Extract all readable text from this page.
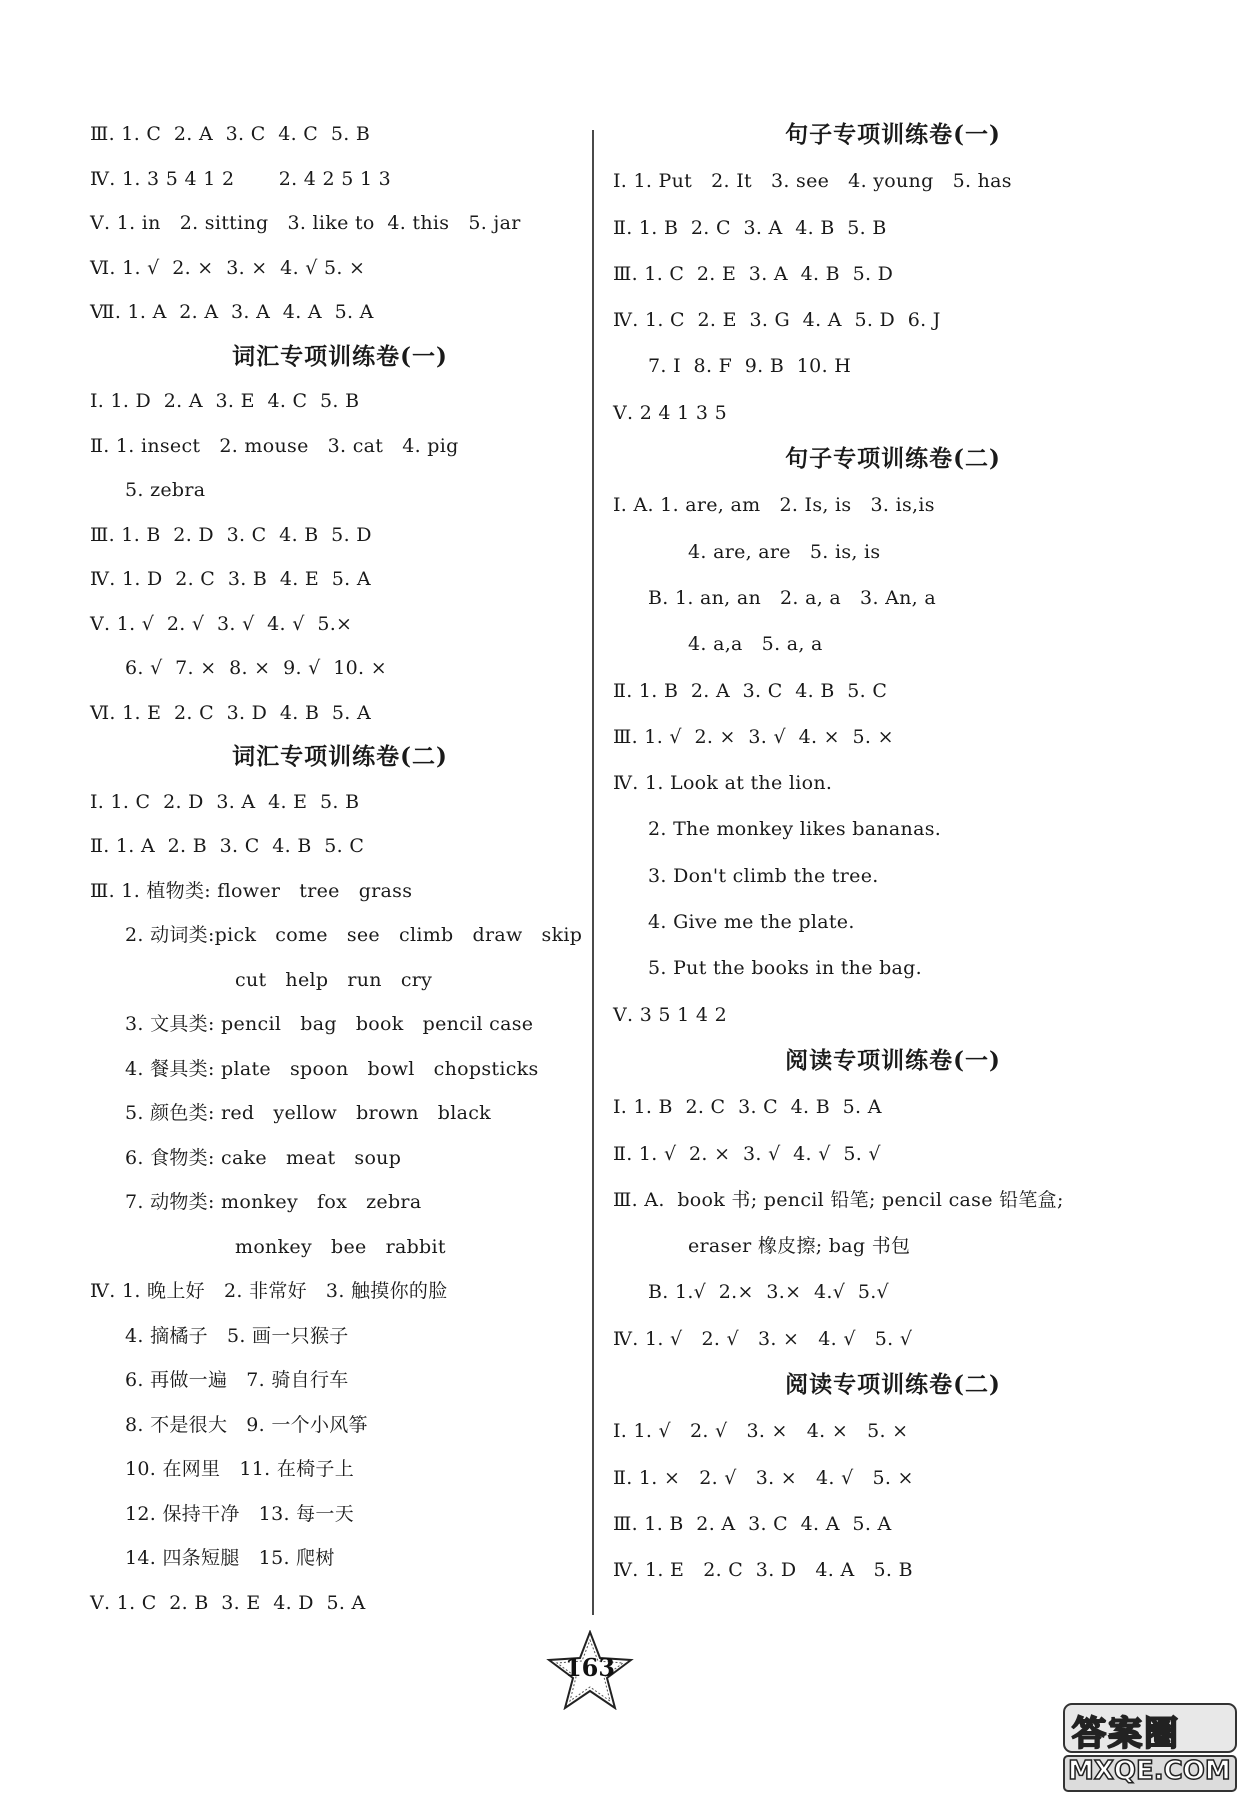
Ⅲ. 1. C  2. A  3. C  4. C  5. B
Ⅳ. 1. 3 5 4 1 2       2. 4 2 5 1 3
Ⅴ. 1. in   2. sitting   3. like to  4. this   5. jar
Ⅵ. 1. √  2. ×  3. ×  4. √ 5. ×
Ⅶ. 1. A  2. A  3. A  4. A  5. A
词汇专项训练卷(一)
Ⅰ. 1. D  2. A  3. E  4. C  5. B
Ⅱ. 1. insect   2. mouse   3. cat   4. pig
5. zebra
Ⅲ. 1. B  2. D  3. C  4. B  5. D
Ⅳ. 1. D  2. C  3. B  4. E  5. A
Ⅴ. 1. √  2. √  3. √  4. √  5.×
6. √  7. ×  8. ×  9. √  10. ×
Ⅵ. 1. E  2. C  3. D  4. B  5. A
词汇专项训练卷(二)
Ⅰ. 1. C  2. D  3. A  4. E  5. B
Ⅱ. 1. A  2. B  3. C  4. B  5. C
Ⅲ. 1. 植物类: flower   tree   grass
2. 动词类:pick   come   see   climb   draw   skip
cut   help   run   cry
3. 文具类: pencil   bag   book   pencil case
4. 餐具类: plate   spoon   bowl   chopsticks
5. 颜色类: red   yellow   brown   black
6. 食物类: cake   meat   soup
7. 动物类: monkey   fox   zebra
monkey   bee   rabbit
Ⅳ. 1. 晚上好   2. 非常好   3. 触摸你的脸
4. 摘橘子   5. 画一只猴子
6. 再做一遍   7. 骑自行车
8. 不是很大   9. 一个小风筝
10. 在网里   11. 在椅子上
12. 保持干净   13. 每一天
14. 四条短腿   15. 爬树
Ⅴ. 1. C  2. B  3. E  4. D  5. A
句子专项训练卷(一)
Ⅰ. 1. Put   2. It   3. see   4. young   5. has
Ⅱ. 1. B  2. C  3. A  4. B  5. B
Ⅲ. 1. C  2. E  3. A  4. B  5. D
Ⅳ. 1. C  2. E  3. G  4. A  5. D  6. J
7. I  8. F  9. B  10. H
Ⅴ. 2 4 1 3 5
句子专项训练卷(二)
Ⅰ. A. 1. are, am   2. Is, is   3. is,is
4. are, are   5. is, is
B. 1. an, an   2. a, a   3. An, a
4. a,a   5. a, a
Ⅱ. 1. B  2. A  3. C  4. B  5. C
Ⅲ. 1. √  2. ×  3. √  4. ×  5. ×
Ⅳ. 1. Look at the lion.
2. The monkey likes bananas.
3. Don't climb the tree.
4. Give me the plate.
5. Put the books in the bag.
Ⅴ. 3 5 1 4 2
阅读专项训练卷(一)
Ⅰ. 1. B  2. C  3. C  4. B  5. A
Ⅱ. 1. √  2. ×  3. √  4. √  5. √
Ⅲ. A.  book 书; pencil 铅笔; pencil case 铅笔盒;
eraser 橡皮擦; bag 书包
B. 1.√  2.×  3.×  4.√  5.√
Ⅳ. 1. √   2. √   3. ×   4. √   5. √
阅读专项训练卷(二)
Ⅰ. 1. √   2. √   3. ×   4. ×   5. ×
Ⅱ. 1. ×   2. √   3. ×   4. √   5. ×
Ⅲ. 1. B  2. A  3. C  4. A  5. A
Ⅳ. 1. E   2. C  3. D   4. A   5. B
163
答案圈
MXQE.COM
